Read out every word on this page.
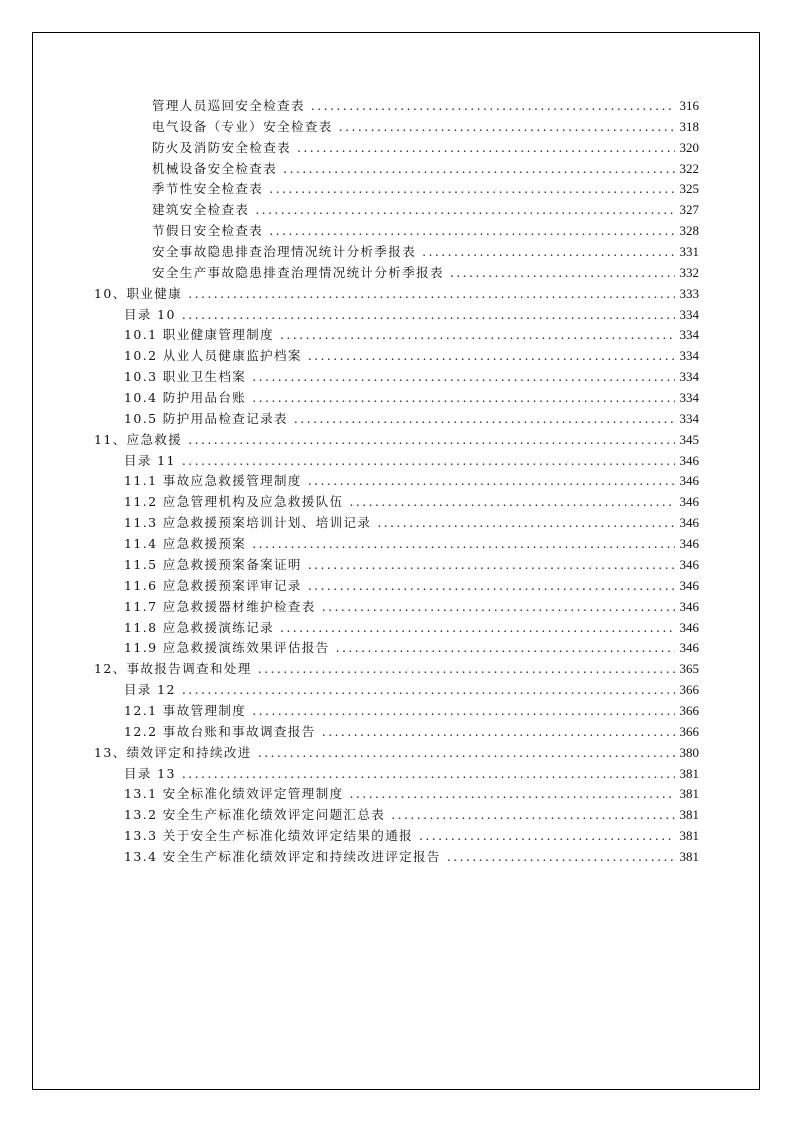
管理人员巡回安全检查表 .....	316
电气设备（专业）安全检查表 .....	318
防火及消防安全检查表 .....	320
机械设备安全检查表 .....	322
季节性安全检查表 .....	325
建筑安全检查表 .....	327
节假日安全检查表 .....	328
安全事故隐患排查治理情况统计分析季报表 .....	331
安全生产事故隐患排查治理情况统计分析季报表 .....	332
10、职业健康 .....	333
目录 10 .....	334
10.1 职业健康管理制度 .....	334
10.2 从业人员健康监护档案 .....	334
10.3 职业卫生档案 .....	334
10.4 防护用品台账 .....	334
10.5 防护用品检查记录表 .....	334
11、应急救援 .....	345
目录 11 .....	346
11.1 事故应急救援管理制度 .....	346
11.2 应急管理机构及应急救援队伍 .....	346
11.3 应急救援预案培训计划、培训记录 .....	346
11.4 应急救援预案 .....	346
11.5 应急救援预案备案证明 .....	346
11.6 应急救援预案评审记录 .....	346
11.7 应急救援器材维护检查表 .....	346
11.8 应急救援演练记录 .....	346
11.9 应急救援演练效果评估报告 .....	346
12、事故报告调查和处理 .....	365
目录 12 .....	366
12.1 事故管理制度 .....	366
12.2 事故台账和事故调查报告 .....	366
13、绩效评定和持续改进 .....	380
目录 13 .....	381
13.1 安全标准化绩效评定管理制度 .....	381
13.2 安全生产标准化绩效评定问题汇总表 .....	381
13.3 关于安全生产标准化绩效评定结果的通报 .....	381
13.4 安全生产标准化绩效评定和持续改进评定报告 .....	381
